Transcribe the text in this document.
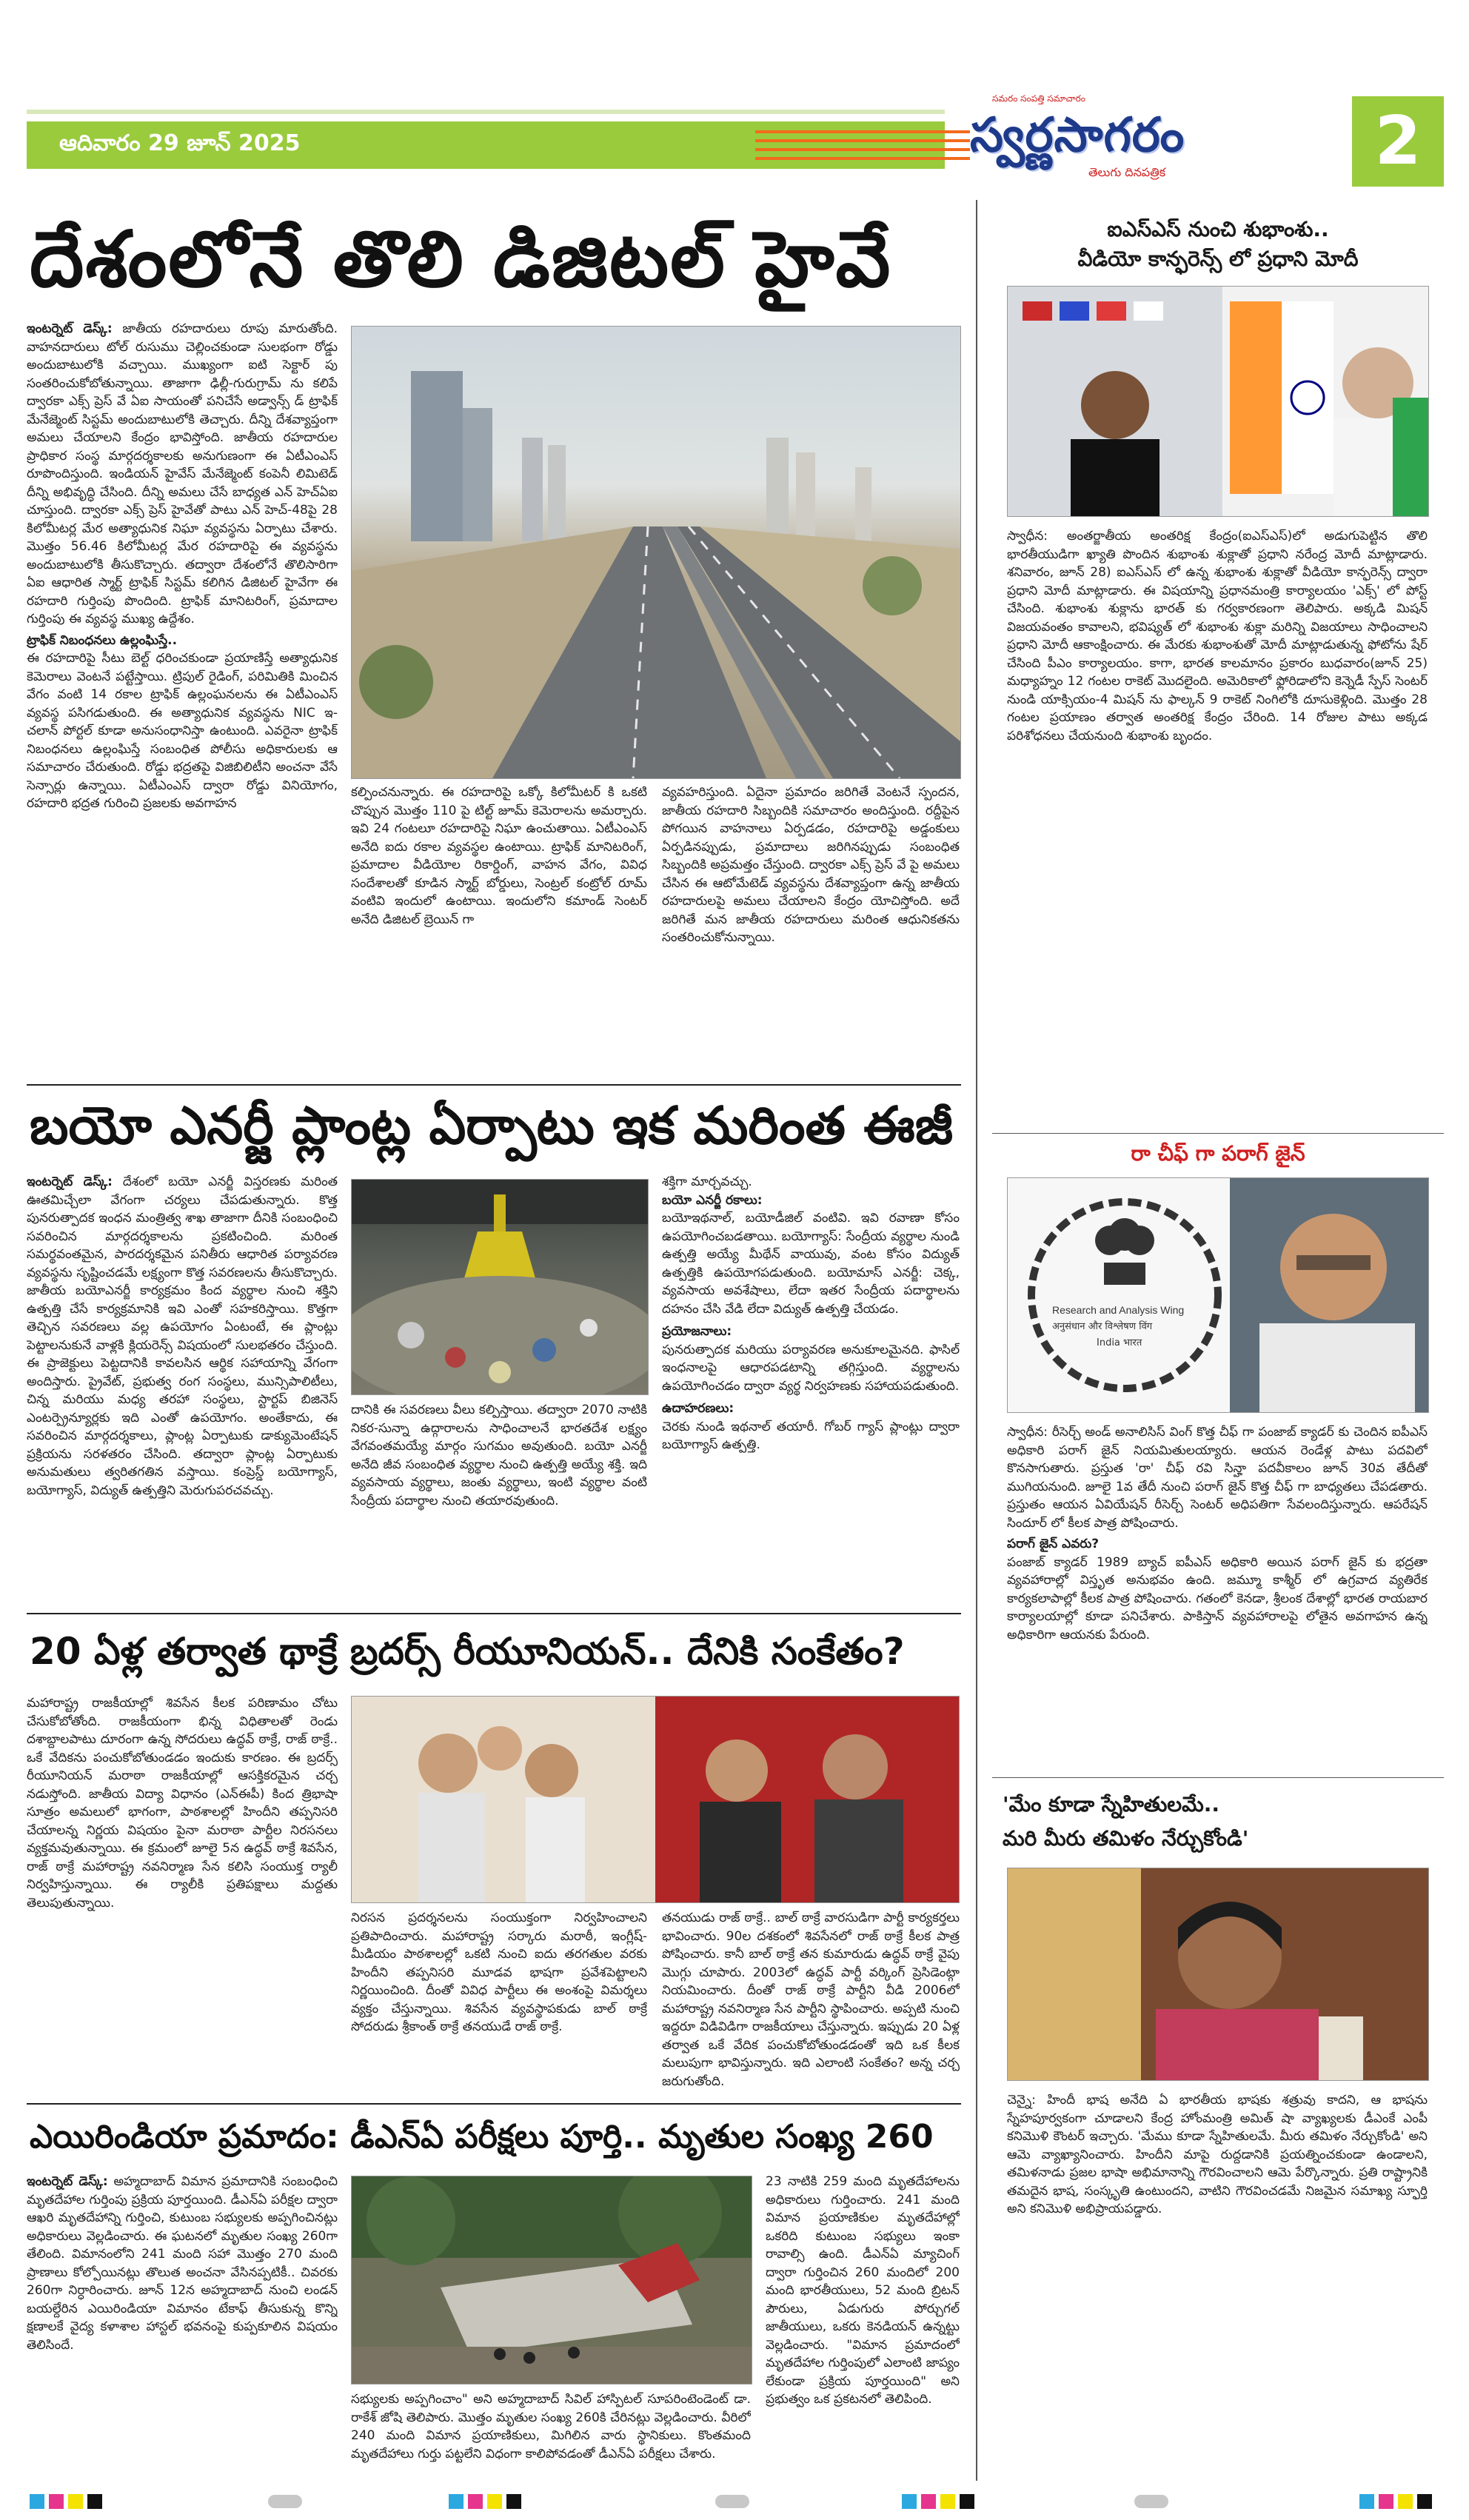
ఆదివారం 29 జూన్ 2025
సమరం సంపత్తి సమాచారం
స్వర్ణసాగరం
తెలుగు దినపత్రిక	2
దేశంలోనే తొలి డిజిటల్ హైవే
ఇంటర్నెట్ డెస్క్: జాతీయ రహదారులు రూపు మారుతోంది. వాహనదారులు టోల్ రుసుము చెల్లించకుండా సులభంగా రోడ్డు అందుబాటులోకి వచ్చాయి. ముఖ్యంగా ఐటి సెక్టార్ పు సంతరించుకోబోతున్నాయి. తాజాగా ఢిల్లీ-గురుగ్రామ్ ను కలిపే ద్వారకా ఎక్స్ ప్రెస్ వే ఏఐ సాయంతో పనిచేసే అడ్వాన్స్ డ్ ట్రాఫిక్ మేనేజ్మెంట్ సిస్టమ్ అందుబాటులోకి తెచ్చారు. దీన్ని దేశవ్యాప్తంగా అమలు చేయాలని కేంద్రం భావిస్తోంది. జాతీయ రహదారుల ప్రాధికార సంస్థ మార్గదర్శకాలకు అనుగుణంగా ఈ ఏటీఎంఎస్ రూపొందిస్తుంది. ఇండియన్ హైవేస్ మేనేజ్మెంట్ కంపెనీ లిమిటెడ్ దీన్ని అభివృద్ధి చేసింది. దీన్ని అమలు చేసే బాధ్యత ఎన్ హెచ్ఏఐ చూస్తుంది. ద్వారకా ఎక్స్ ప్రెస్ హైవేతో పాటు ఎన్ హెచ్-48పై 28 కిలోమీటర్ల మేర అత్యాధునిక నిఘా వ్యవస్థను ఏర్పాటు చేశారు. మొత్తం 56.46 కిలోమీటర్ల మేర రహదారిపై ఈ వ్యవస్థను అందుబాటులోకి తీసుకొచ్చారు. తద్వారా దేశంలోనే తొలిసారిగా ఏఐ ఆధారిత స్మార్ట్ ట్రాఫిక్ సిస్టమ్ కలిగిన డిజిటల్ హైవేగా ఈ రహదారి గుర్తింపు పొందింది. ట్రాఫిక్ మానిటరింగ్, ప్రమాదాల గుర్తింపు ఈ వ్యవస్థ ముఖ్య ఉద్దేశం.
ట్రాఫిక్ నిబంధనలు ఉల్లంఘిస్తే..
ఈ రహదారిపై సీటు బెల్ట్ ధరించకుండా ప్రయాణిస్తే అత్యాధునిక కెమెరాలు వెంటనే పట్టేస్తాయి. ట్రిపుల్ రైడింగ్, పరిమితికి మించిన వేగం వంటి 14 రకాల ట్రాఫిక్ ఉల్లంఘనలను ఈ ఏటీఎంఎస్ వ్యవస్థ పసిగడుతుంది. ఈ అత్యాధునిక వ్యవస్థను NIC ఇ-చలాన్ పోర్టల్ కూడా అనుసంధానిస్తా ఉంటుంది. ఎవరైనా ట్రాఫిక్ నిబంధనలు ఉల్లంఘిస్తే సంబంధిత పోలీసు అధికారులకు ఆ సమాచారం చేరుతుంది. రోడ్డు భద్రతపై విజిబిలిటీని అంచనా వేసే సెన్సార్లు ఉన్నాయి. ఏటీఎంఎస్ ద్వారా రోడ్డు వినియోగం, రహదారి భద్రత గురించి ప్రజలకు అవగాహన
కల్పించనున్నారు. ఈ రహదారిపై ఒక్కో కిలోమీటర్ కి ఒకటి చొప్పున మొత్తం 110 పై టిల్ట్ జూమ్ కెమెరాలను అమర్చారు. ఇవి 24 గంటలూ రహదారిపై నిఘా ఉంచుతాయి. ఏటీఎంఎస్ అనేది ఐదు రకాల వ్యవస్థల ఉంటాయి. ట్రాఫిక్ మానిటరింగ్, ప్రమాదాల వీడియోల రికార్డింగ్, వాహన వేగం, వివిధ సందేశాలతో కూడిన స్మార్ట్ బోర్డులు, సెంట్రల్ కంట్రోల్ రూమ్ వంటివి ఇందులో ఉంటాయి. ఇందులోని కమాండ్ సెంటర్ అనేది డిజిటల్ బ్రెయిన్ గా
వ్యవహరిస్తుంది. ఏదైనా ప్రమాదం జరిగితే వెంటనే స్పందన, జాతీయ రహదారి సిబ్బందికి సమాచారం అందిస్తుంది. రద్దీపైన పోగయిన వాహనాలు ఏర్పడడం, రహదారిపై అడ్డంకులు ఏర్పడినప్పుడు, ప్రమాదాలు జరిగినప్పుడు సంబంధిత సిబ్బందికి అప్రమత్తం చేస్తుంది. ద్వారకా ఎక్స్ ప్రెస్ వే పై అమలు చేసిన ఈ ఆటోమేటెడ్ వ్యవస్థను దేశవ్యాప్తంగా ఉన్న జాతీయ రహదారులపై అమలు చేయాలని కేంద్రం యోచిస్తోంది. అదే జరిగితే మన జాతీయ రహదారులు మరింత ఆధునికతను సంతరించుకోనున్నాయి.
బయో ఎనర్జీ ప్లాంట్ల ఏర్పాటు ఇక మరింత ఈజీ
ఇంటర్నెట్ డెస్క్: దేశంలో బయో ఎనర్జీ విస్తరణకు మరింత ఊతమిచ్చేలా వేగంగా చర్యలు చేపడుతున్నారు. కొత్త పునరుత్పాదక ఇంధన మంత్రిత్వ శాఖ తాజాగా దీనికి సంబంధించి సవరించిన మార్గదర్శకాలను ప్రకటించింది. మరింత సమర్థవంతమైన, పారదర్శకమైన పనితీరు ఆధారిత పర్యావరణ వ్యవస్థను సృష్టించడమే లక్ష్యంగా కొత్త సవరణలను తీసుకొచ్చారు. జాతీయ బయోఎనర్జీ కార్యక్రమం కింద వ్యర్థాల నుంచి శక్తిని ఉత్పత్తి చేసే కార్యక్రమానికి ఇవి ఎంతో సహకరిస్తాయి. కొత్తగా తెచ్చిన సవరణలు వల్ల ఉపయోగం ఏంటంటే, ఈ ప్లాంట్లు పెట్టాలనుకునే వాళ్లకి క్లియరెన్స్ విషయంలో సులభతరం చేస్తుంది. ఈ ప్రాజెక్టులు పెట్టదానికి కావలసిన ఆర్థిక సహాయాన్ని వేగంగా అందిస్తారు. ప్రైవేట్, ప్రభుత్వ రంగ సంస్థలు, మున్సిపాలిటీలు, చిన్న మరియు మధ్య తరహా సంస్థలు, స్టార్టప్ బిజినెస్ ఎంటర్ప్రెన్యూర్లకు ఇది ఎంతో ఉపయోగం. అంతేకాదు, ఈ సవరించిన మార్గదర్శకాలు, ప్లాంట్ల ఏర్పాటుకు డాక్యుమెంటేషన్ ప్రక్రియను సరళతరం చేసింది. తద్వారా ప్లాంట్ల ఏర్పాటుకు అనుమతులు త్వరితగతిన వస్తాయి. కంప్రెస్డ్ బయోగ్యాస్, బయోగ్యాస్, విద్యుత్ ఉత్పత్తిని మెరుగుపరచవచ్చు.
దానికి ఈ సవరణలు వీలు కల్పిస్తాయి. తద్వారా 2070 నాటికి నికర-సున్నా ఉద్గారాలను సాధించాలనే భారతదేశ లక్ష్యం వేగవంతమయ్యే మార్గం సుగమం అవుతుంది. బయో ఎనర్జీ అనేది జీవ సంబంధిత వ్యర్థాల నుంచి ఉత్పత్తి అయ్యే శక్తి. ఇది వ్యవసాయ వ్యర్థాలు, జంతు వ్యర్థాలు, ఇంటి వ్యర్థాల వంటి సేంద్రీయ పదార్థాల నుంచి తయారవుతుంది.
శక్తిగా మార్చవచ్చు.
బయో ఎనర్జీ రకాలు:
బయోఇథనాల్, బయోడీజిల్ వంటివి. ఇవి రవాణా కోసం ఉపయోగించబడతాయి. బయోగ్యాస్: సేంద్రీయ వ్యర్థాల నుండి ఉత్పత్తి అయ్యే మీథేన్ వాయువు, వంట కోసం విద్యుత్ ఉత్పత్తికి ఉపయోగపడుతుంది. బయోమాస్ ఎనర్జీ: చెక్క, వ్యవసాయ అవశేషాలు, లేదా ఇతర సేంద్రీయ పదార్థాలను దహనం చేసి వేడి లేదా విద్యుత్ ఉత్పత్తి చేయడం.
ప్రయోజనాలు:
పునరుత్పాదక మరియు పర్యావరణ అనుకూలమైనది. ఫాసిల్ ఇంధనాలపై ఆధారపడటాన్ని తగ్గిస్తుంది. వ్యర్థాలను ఉపయోగించడం ద్వారా వ్యర్థ నిర్వహణకు సహాయపడుతుంది.
ఉదాహరణలు:
చెరకు నుండి ఇథనాల్ తయారీ. గోబర్ గ్యాస్ ప్లాంట్లు ద్వారా బయోగ్యాస్ ఉత్పత్తి.
20 ఏళ్ల తర్వాత థాక్రే బ్రదర్స్ రీయూనియన్.. దేనికి సంకేతం?
మహారాష్ట్ర రాజకీయాల్లో శివసేన కీలక పరిణామం చోటు చేసుకోబోతోంది. రాజకీయంగా భిన్న విధితాలతో రెండు దశాబ్దాలపాటు దూరంగా ఉన్న సోదరులు ఉద్ధవ్ ఠాక్రే, రాజ్ ఠాక్రే.. ఒకే వేదికను పంచుకోబోతుండడం ఇందుకు కారణం. ఈ బ్రదర్స్ రీయూనియన్ మరాఠా రాజకీయాల్లో ఆసక్తికరమైన చర్చ నడుస్తోంది. జాతీయ విద్యా విధానం (ఎన్ఈపీ) కింద త్రిభాషా సూత్రం అమలులో భాగంగా, పాఠశాలల్లో హిందీని తప్పనిసరి చేయాలన్న నిర్ణయ విషయం పైనా మరాఠా పార్టీల నిరసనలు వ్యక్తమవుతున్నాయి. ఈ క్రమంలో జూలై 5న ఉద్ధవ్ ఠాక్రే శివసేన, రాజ్ ఠాక్రే మహారాష్ట్ర నవనిర్మాణ సేన కలిసి సంయుక్త ర్యాలీ నిర్వహిస్తున్నాయి. ఈ ర్యాలీకి ప్రతిపక్షాలు మద్దతు తెలుపుతున్నాయి.
నిరసన ప్రదర్శనలను సంయుక్తంగా నిర్వహించాలని ప్రతిపాదించారు. మహారాష్ట్ర సర్కారు మరాఠీ, ఇంగ్లీష్-మీడియం పాఠశాలల్లో ఒకటి నుంచి ఐదు తరగతుల వరకు హిందీని తప్పనిసరి మూడవ భాషగా ప్రవేశపెట్టాలని నిర్ణయించింది. దీంతో వివిధ పార్టీలు ఈ అంశంపై విమర్శలు వ్యక్తం చేస్తున్నాయి. శివసేన వ్యవస్థాపకుడు బాల్ ఠాక్రే సోదరుడు శ్రీకాంత్ ఠాక్రే తనయుడే రాజ్ ఠాక్రే.
తనయుడు రాజ్ ఠాక్రే.. బాల్ ఠాక్రే వారసుడిగా పార్టీ కార్యకర్తలు భావించారు. 90ల దశకంలో శివసేనలో రాజ్ ఠాక్రే కీలక పాత్ర పోషించారు. కానీ బాల్ ఠాక్రే తన కుమారుడు ఉద్ధవ్ ఠాక్రే వైపు మొగ్గు చూపారు. 2003లో ఉద్ధవ్ పార్టీ వర్కింగ్ ప్రెసిడెంట్గా నియమించారు. దీంతో రాజ్ ఠాక్రే పార్టీని వీడి 2006లో మహారాష్ట్ర నవనిర్మాణ సేన పార్టీని స్థాపించారు. అప్పటి నుంచి ఇద్దరూ విడివిడిగా రాజకీయాలు చేస్తున్నారు. ఇప్పుడు 20 ఏళ్ల తర్వాత ఒకే వేదిక పంచుకోబోతుండడంతో ఇది ఒక కీలక మలుపుగా భావిస్తున్నారు. ఇది ఎలాంటి సంకేతం? అన్న చర్చ జరుగుతోంది.
ఎయిరిండియా ప్రమాదం: డీఎన్ఏ పరీక్షలు పూర్తి.. మృతుల సంఖ్య 260
ఇంటర్నెట్ డెస్క్: అహ్మదాబాద్ విమాన ప్రమాదానికి సంబంధించి మృతదేహాల గుర్తింపు ప్రక్రియ పూర్తయింది. డీఎన్ఏ పరీక్షల ద్వారా ఆఖరి మృతదేహాన్ని గుర్తించి, కుటుంబ సభ్యులకు అప్పగించినట్లు అధికారులు వెల్లడించారు. ఈ ఘటనలో మృతుల సంఖ్య 260గా తేలింది. విమానంలోని 241 మంది సహా మొత్తం 270 మంది ప్రాణాలు కోల్పోయినట్లు తొలుత అంచనా వేసినప్పటికీ.. చివరకు 260గా నిర్ధారించారు. జూన్ 12న అహ్మదాబాద్ నుంచి లండన్ బయల్దేరిన ఎయిరిండియా విమానం టేకాఫ్ తీసుకున్న కొన్ని క్షణాలకే వైద్య కళాశాల హాస్టల్ భవనంపై కుప్పకూలిన విషయం తెలిసిందే.
సభ్యులకు అప్పగించాం" అని అహ్మదాబాద్ సివిల్ హాస్పిటల్ సూపరింటెండెంట్ డా. రాకేశ్ జోషి తెలిపారు. మొత్తం మృతుల సంఖ్య 260కి చేరినట్లు వెల్లడించారు. వీరిలో 240 మంది విమాన ప్రయాణికులు, మిగిలిన వారు స్థానికులు. కొంతమంది మృతదేహాలు గుర్తు పట్టలేని విధంగా కాలిపోవడంతో డీఎన్ఏ పరీక్షలు చేశారు.
23 నాటికి 259 మంది మృతదేహాలను అధికారులు గుర్తించారు. 241 మంది విమాన ప్రయాణికుల మృతదేహాల్లో ఒకరిది కుటుంబ సభ్యులు ఇంకా రావాల్సి ఉంది. డీఎన్ఏ మ్యాచింగ్ ద్వారా గుర్తించిన 260 మందిలో 200 మంది భారతీయులు, 52 మంది బ్రిటన్ పౌరులు, ఏడుగురు పోర్చుగల్ జాతీయులు, ఒకరు కెనడియన్ ఉన్నట్టు వెల్లడించారు. "విమాన ప్రమాదంలో మృతదేహాల గుర్తింపులో ఎలాంటి జాప్యం లేకుండా ప్రక్రియ పూర్తయింది" అని ప్రభుత్వం ఒక ప్రకటనలో తెలిపింది.
ఐఎస్ఎస్ నుంచి శుభాంశు..
వీడియో కాన్ఫరెన్స్ లో ప్రధాని మోదీ
స్వాధీన: అంతర్జాతీయ అంతరిక్ష కేంద్రం(ఐఎస్ఎస్)లో అడుగుపెట్టిన తొలి భారతీయుడిగా ఖ్యాతి పొందిన శుభాంశు శుక్లాతో ప్రధాని నరేంద్ర మోదీ మాట్లాడారు. శనివారం, జూన్ 28) ఐఎస్ఎస్ లో ఉన్న శుభాంశు శుక్లాతో వీడియో కాన్ఫరెన్స్ ద్వారా ప్రధాని మోదీ మాట్లాడారు. ఈ విషయాన్ని ప్రధానమంత్రి కార్యాలయం 'ఎక్స్' లో పోస్ట్ చేసింది. శుభాంశు శుక్లాను భారత్ కు గర్వకారణంగా తెలిపారు. అక్కడి మిషన్ విజయవంతం కావాలని, భవిష్యత్ లో శుభాంశు శుక్లా మరిన్ని విజయాలు సాధించాలని ప్రధాని మోదీ ఆకాంక్షించారు. ఈ మేరకు శుభాంశుతో మోదీ మాట్లాడుతున్న ఫోటోను షేర్ చేసింది పీఎం కార్యాలయం. కాగా, భారత కాలమానం ప్రకారం బుధవారం(జూన్ 25) మధ్యాహ్నం 12 గంటల రాకెట్ మొదలైంది. అమెరికాలో ఫ్లోరిడాలోని కెన్నెడీ స్పేస్ సెంటర్ నుండి యాక్సియం-4 మిషన్ ను ఫాల్కన్ 9 రాకెట్ నింగిలోకి దూసుకెళ్లింది. మొత్తం 28 గంటల ప్రయాణం తర్వాత అంతరిక్ష కేంద్రం చేరింది. 14 రోజుల పాటు అక్కడ పరిశోధనలు చేయనుంది శుభాంశు బృందం.
రా చీఫ్ గా పరాగ్ జైన్
Research and Analysis Wing
अनुसंधान और विश्लेषण विंग
India भारत
స్వాధీన: రీసెర్చ్ అండ్ అనాలిసిస్ వింగ్ కొత్త చీఫ్ గా పంజాబ్ క్యాడర్ కు చెందిన ఐపీఎస్ అధికారి పరాగ్ జైన్ నియమితులయ్యారు. ఆయన రెండేళ్ల పాటు పదవిలో కొనసాగుతారు. ప్రస్తుత 'రా' చీఫ్ రవి సిన్హా పదవీకాలం జూన్ 30వ తేదీతో ముగియనుంది. జూలై 1వ తేదీ నుంచి పరాగ్ జైన్ కొత్త చీఫ్ గా బాధ్యతలు చేపడతారు. ప్రస్తుతం ఆయన ఏవియేషన్ రీసెర్చ్ సెంటర్ అధిపతిగా సేవలందిస్తున్నారు. ఆపరేషన్ సిందూర్ లో కీలక పాత్ర పోషించారు.
పరాగ్ జైన్ ఎవరు?
పంజాబ్ క్యాడర్ 1989 బ్యాచ్ ఐపీఎస్ అధికారి అయిన పరాగ్ జైన్ కు భద్రతా వ్యవహారాల్లో విస్తృత అనుభవం ఉంది. జమ్మూ కాశ్మీర్ లో ఉగ్రవాద వ్యతిరేక కార్యకలాపాల్లో కీలక పాత్ర పోషించారు. గతంలో కెనడా, శ్రీలంక దేశాల్లో భారత రాయబార కార్యాలయాల్లో కూడా పనిచేశారు. పాకిస్తాన్ వ్యవహారాలపై లోతైన అవగాహన ఉన్న అధికారిగా ఆయనకు పేరుంది.
'మేం కూడా స్నేహితులమే..
మరి మీరు తమిళం నేర్చుకోండి'
చెన్నై: హిందీ భాష అనేది ఏ భారతీయ భాషకు శత్రువు కాదని, ఆ భాషను స్నేహపూర్వకంగా చూడాలని కేంద్ర హోంమంత్రి అమిత్ షా వ్యాఖ్యలకు డీఎంకే ఎంపీ కనిమొళి కౌంటర్ ఇచ్చారు. 'మేము కూడా స్నేహితులమే. మీరు తమిళం నేర్చుకోండి' అని ఆమె వ్యాఖ్యానించారు. హిందీని మాపై రుద్దడానికి ప్రయత్నించకుండా ఉండాలని, తమిళనాడు ప్రజల భాషా అభిమానాన్ని గౌరవించాలని ఆమె పేర్కొన్నారు. ప్రతి రాష్ట్రానికి తమదైన భాష, సంస్కృతి ఉంటుందని, వాటిని గౌరవించడమే నిజమైన సమాఖ్య స్ఫూర్తి అని కనిమొళి అభిప్రాయపడ్డారు.
